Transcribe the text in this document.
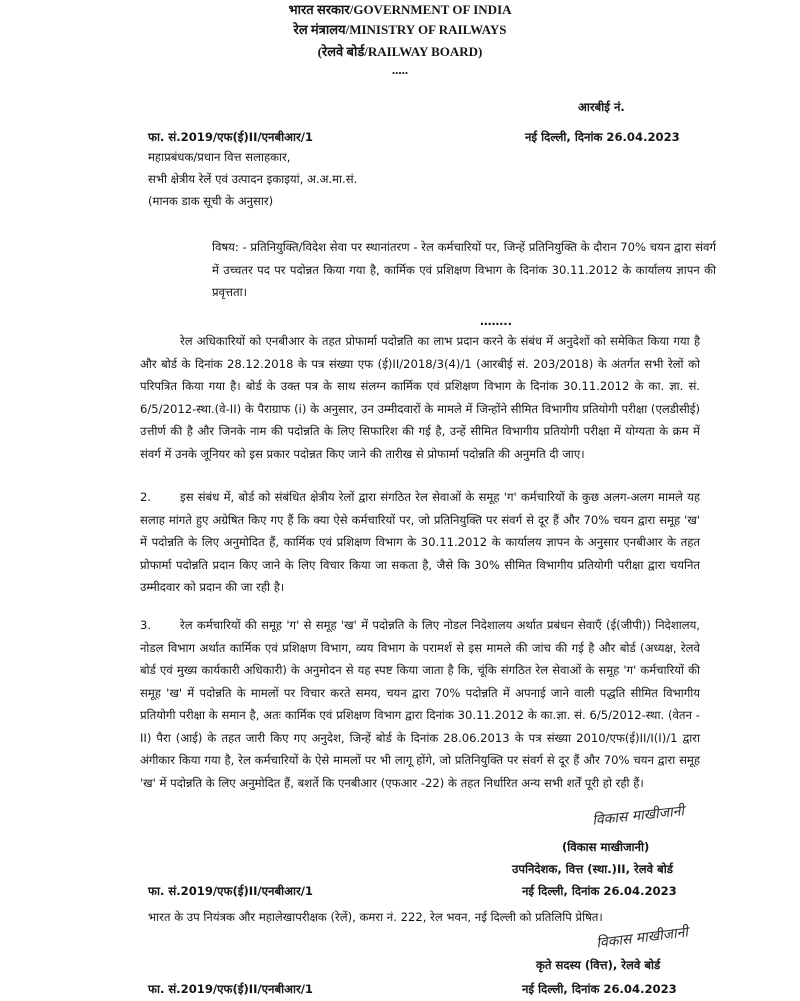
भारत सरकार/GOVERNMENT OF INDIA
रेल मंत्रालय/MINISTRY OF RAILWAYS
(रेलवे बोर्ड/RAILWAY BOARD)
.....
आरबीई नं.
फा. सं.2019/एफ(ई)II/एनबीआर/1	नई दिल्ली, दिनांक 26.04.2023
महाप्रबंधक/प्रधान वित्त सलाहकार,
सभी क्षेत्रीय रेलें एवं उत्पादन इकाइयां, अ.अ.मा.सं.
(मानक डाक सूची के अनुसार)
विषय: - प्रतिनियुक्ति/विदेश सेवा पर स्थानांतरण - रेल कर्मचारियों पर, जिन्हें प्रतिनियुक्ति के दौरान 70% चयन द्वारा संवर्ग में उच्चतर पद पर पदोन्नत किया गया है, कार्मिक एवं प्रशिक्षण विभाग के दिनांक 30.11.2012 के कार्यालय ज्ञापन की प्रवृत्तता।
……..
रेल अधिकारियों को एनबीआर के तहत प्रोफार्मा पदोन्नति का लाभ प्रदान करने के संबंध में अनुदेशों को समेकित किया गया है और बोर्ड के दिनांक 28.12.2018 के पत्र संख्या एफ (ई)II/2018/3(4)/1 (आरबीई सं. 203/2018) के अंतर्गत सभी रेलों को परिपत्रित किया गया है। बोर्ड के उक्त पत्र के साथ संलग्न कार्मिक एवं प्रशिक्षण विभाग के दिनांक 30.11.2012 के का. ज्ञा. सं. 6/5/2012-स्था.(वे-II) के पैराग्राफ (i) के अनुसार, उन उम्मीदवारों के मामले में जिन्होंने सीमित विभागीय प्रतियोगी परीक्षा (एलडीसीई) उत्तीर्ण की है और जिनके नाम की पदोन्नति के लिए सिफारिश की गई है, उन्हें सीमित विभागीय प्रतियोगी परीक्षा में योग्यता के क्रम में संवर्ग में उनके जूनियर को इस प्रकार पदोन्नत किए जाने की तारीख से प्रोफार्मा पदोन्नति की अनुमति दी जाए।
2.	इस संबंध में, बोर्ड को संबंधित क्षेत्रीय रेलों द्वारा संगठित रेल सेवाओं के समूह 'ग' कर्मचारियों के कुछ अलग-अलग मामले यह सलाह मांगते हुए अग्रेषित किए गए हैं कि क्या ऐसे कर्मचारियों पर, जो प्रतिनियुक्ति पर संवर्ग से दूर हैं और 70% चयन द्वारा समूह 'ख' में पदोन्नति के लिए अनुमोदित हैं, कार्मिक एवं प्रशिक्षण विभाग के 30.11.2012 के कार्यालय ज्ञापन के अनुसार एनबीआर के तहत प्रोफार्मा पदोन्नति प्रदान किए जाने के लिए विचार किया जा सकता है, जैसे कि 30% सीमित विभागीय प्रतियोगी परीक्षा द्वारा चयनित उम्मीदवार को प्रदान की जा रही है।
3.	रेल कर्मचारियों की समूह 'ग' से समूह 'ख' में पदोन्नति के लिए नोडल निदेशालय अर्थात प्रबंधन सेवाएँ (ई(जीपी)) निदेशालय, नोडल विभाग अर्थात कार्मिक एवं प्रशिक्षण विभाग, व्यय विभाग के परामर्श से इस मामले की जांच की गई है और बोर्ड (अध्यक्ष, रेलवे बोर्ड एवं मुख्य कार्यकारी अधिकारी) के अनुमोदन से यह स्पष्ट किया जाता है कि, चूंकि संगठित रेल सेवाओं के समूह 'ग' कर्मचारियों की समूह 'ख' में पदोन्नति के मामलों पर विचार करते समय, चयन द्वारा 70% पदोन्नति में अपनाई जाने वाली पद्धति सीमित विभागीय प्रतियोगी परीक्षा के समान है, अतः कार्मिक एवं प्रशिक्षण विभाग द्वारा दिनांक 30.11.2012 के का.ज्ञा. सं. 6/5/2012-स्था. (वेतन -II) पैरा (आई) के तहत जारी किए गए अनुदेश, जिन्हें बोर्ड के दिनांक 28.06.2013 के पत्र संख्या 2010/एफ(ई)II/I(I)/1 द्वारा अंगीकार किया गया है, रेल कर्मचारियों के ऐसे मामलों पर भी लागू होंगे, जो प्रतिनियुक्ति पर संवर्ग से दूर हैं और 70% चयन द्वारा समूह 'ख' में पदोन्नति के लिए अनुमोदित हैं, बशर्ते कि एनबीआर (एफआर -22) के तहत निर्धारित अन्य सभी शर्तें पूरी हो रही हैं।
विकास माखीजानी
(विकास माखीजानी)
उपनिदेशक, वित्त (स्था.)II, रेलवे बोर्ड
फा. सं.2019/एफ(ई)II/एनबीआर/1	नई दिल्ली, दिनांक 26.04.2023
भारत के उप नियंत्रक और महालेखापरीक्षक (रेलें), कमरा नं. 222, रेल भवन, नई दिल्ली को प्रतिलिपि प्रेषित।
विकास माखीजानी
कृते सदस्य (वित्त), रेलवे बोर्ड
फा. सं.2019/एफ(ई)II/एनबीआर/1	नई दिल्ली, दिनांक 26.04.2023
